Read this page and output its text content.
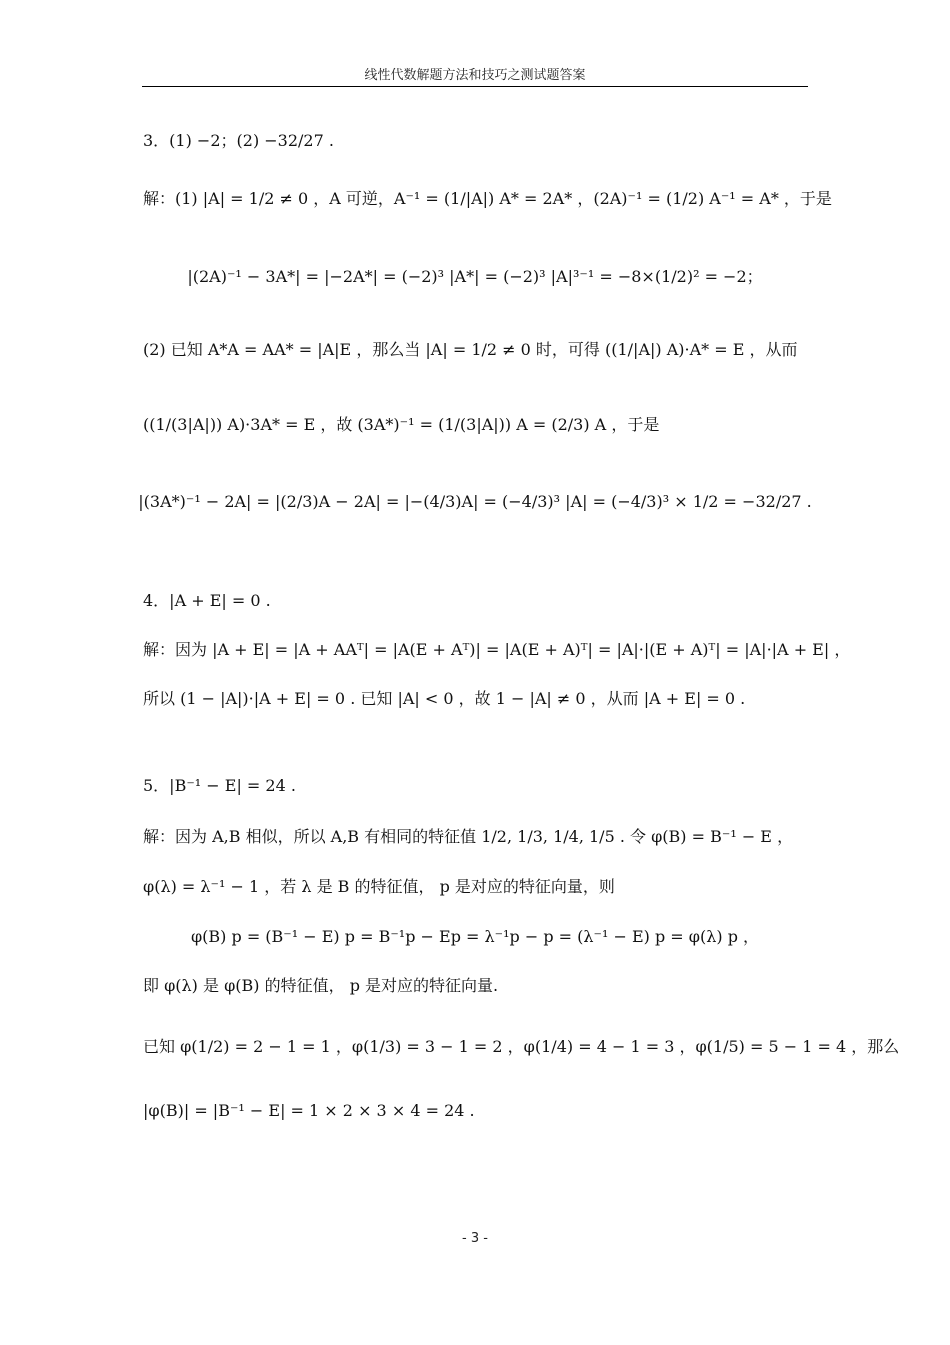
线性代数解题方法和技巧之测试题答案
3．(1) −2；(2) −32/27 .
解：(1) |A| = 1/2 ≠ 0 ，A 可逆，A⁻¹ = (1/|A|) A* = 2A* ，(2A)⁻¹ = (1/2) A⁻¹ = A* ，于是
|(2A)⁻¹ − 3A*| = |−2A*| = (−2)³ |A*| = (−2)³ |A|³⁻¹ = −8×(1/2)² = −2；
(2) 已知 A*A = AA* = |A|E ，那么当 |A| = 1/2 ≠ 0 时，可得 ((1/|A|) A)·A* = E ，从而
((1/(3|A|)) A)·3A* = E ，故 (3A*)⁻¹ = (1/(3|A|)) A = (2/3) A ，于是
|(3A*)⁻¹ − 2A| = |(2/3)A − 2A| = |−(4/3)A| = (−4/3)³ |A| = (−4/3)³ × 1/2 = −32/27 .
4．|A + E| = 0 .
解：因为 |A + E| = |A + AAᵀ| = |A(E + Aᵀ)| = |A(E + A)ᵀ| = |A|·|(E + A)ᵀ| = |A|·|A + E| ，
所以 (1 − |A|)·|A + E| = 0 . 已知 |A| < 0 ，故 1 − |A| ≠ 0 ，从而 |A + E| = 0 .
5．|B⁻¹ − E| = 24 .
解：因为 A,B 相似，所以 A,B 有相同的特征值 1/2, 1/3, 1/4, 1/5 . 令 φ(B) = B⁻¹ − E ，
φ(λ) = λ⁻¹ − 1 ，若 λ 是 B 的特征值， p 是对应的特征向量，则
φ(B) p = (B⁻¹ − E) p = B⁻¹p − Ep = λ⁻¹p − p = (λ⁻¹ − E) p = φ(λ) p ，
即 φ(λ) 是 φ(B) 的特征值， p 是对应的特征向量.
已知 φ(1/2) = 2 − 1 = 1 ，φ(1/3) = 3 − 1 = 2 ，φ(1/4) = 4 − 1 = 3 ，φ(1/5) = 5 − 1 = 4 ，那么
|φ(B)| = |B⁻¹ − E| = 1 × 2 × 3 × 4 = 24 .
- 3 -
